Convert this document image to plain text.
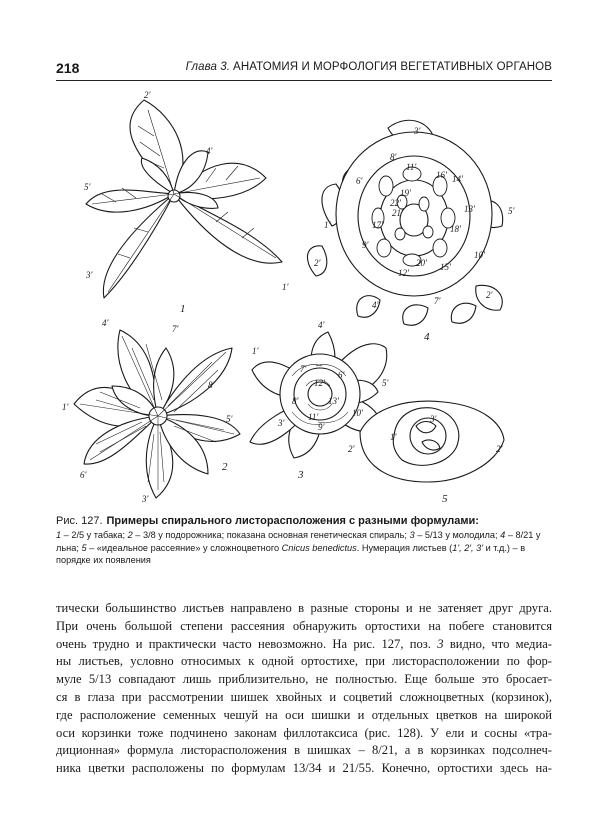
218	Глава 3. АНАТОМИЯ И МОРФОЛОГИЯ ВЕГЕТАТИВНЫХ ОРГАНОВ
1
2
3
4
5
2'
4'
5'
3'
1'
3'
6'
8'
11'
16'
19'
14'
13'	5'
1'
9'
12'
20' 15'
10'
2'
4'	7'
18'
17'
21'
22'
2'
4'
7'
1'
5'
8'
6'
3'
1'
4'
7'
6'
12'
10'
8'
5'
3'
13'
2'
11'
9'
1'
2'
3'
Рис. 127. Примеры спирального листорасположения с разными формулами:
1 – 2/5 у табака; 2 – 3/8 у подорожника; показана основная генетическая спираль; 3 – 5/13 у молодила; 4 – 8/21 у льна; 5 – «идеальное рассеяние» у сложноцветного Cnicus benedictus. Нумерация листьев (1', 2', 3' и т.д.) – в порядке их появления
тически большинство листьев направлено в разные стороны и не затеняет друг друга.
При очень большой степени рассеяния обнаружить ортостихи на побеге становится
очень трудно и практически часто невозможно. На рис. 127, поз. 3 видно, что медиа-
ны листьев, условно относимых к одной ортостихе, при листорасположении по фор-
мулe 5/13 совпадают лишь приблизительно, не полностью. Еще больше это бросает-
ся в глаза при рассмотрении шишек хвойных и соцветий сложноцветных (корзинок),
где расположение семенных чешуй на оси шишки и отдельных цветков на широкой
оси корзинки тоже подчинено законам филлотаксиса (рис. 128). У ели и сосны «тра-
диционная» формула листорасположения в шишках – 8/21, а в корзинках подсолнеч-
ника цветки расположены по формулам 13/34 и 21/55. Конечно, ортостихи здесь на-
